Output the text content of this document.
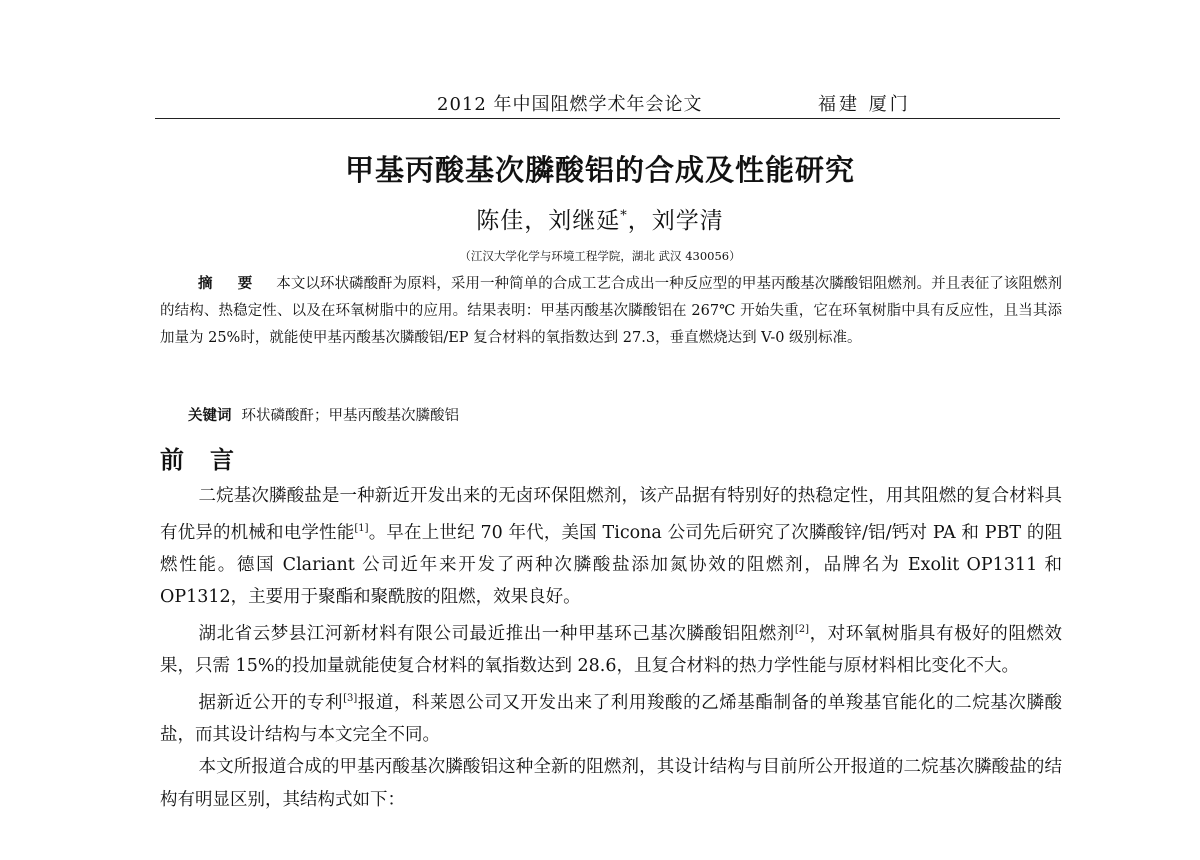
2012 年中国阻燃学术年会论文	福建 厦门
甲基丙酸基次膦酸铝的合成及性能研究
陈佳，刘继延*，刘学清
（江汉大学化学与环境工程学院，湖北 武汉 430056）
摘 要 本文以环状磷酸酐为原料，采用一种简单的合成工艺合成出一种反应型的甲基丙酸基次膦酸铝阻燃剂。并且表征了该阻燃剂的结构、热稳定性、以及在环氧树脂中的应用。结果表明：甲基丙酸基次膦酸铝在 267℃ 开始失重，它在环氧树脂中具有反应性，且当其添加量为 25%时，就能使甲基丙酸基次膦酸铝/EP 复合材料的氧指数达到 27.3，垂直燃烧达到 V-0 级别标准。
关键词 环状磷酸酐；甲基丙酸基次膦酸铝
前言

二烷基次膦酸盐是一种新近开发出来的无卤环保阻燃剂，该产品据有特别好的热稳定性，用其阻燃的复合材料具有优异的机械和电学性能[1]。早在上世纪 70 年代，美国 Ticona 公司先后研究了次膦酸锌/铝/钙对 PA 和 PBT 的阻燃性能。德国 Clariant 公司近年来开发了两种次膦酸盐添加氮协效的阻燃剂，品牌名为 Exolit OP1311 和 OP1312，主要用于聚酯和聚酰胺的阻燃，效果良好。

湖北省云梦县江河新材料有限公司最近推出一种甲基环己基次膦酸铝阻燃剂[2]，对环氧树脂具有极好的阻燃效果，只需 15%的投加量就能使复合材料的氧指数达到 28.6，且复合材料的热力学性能与原材料相比变化不大。

据新近公开的专利[3]报道，科莱恩公司又开发出来了利用羧酸的乙烯基酯制备的单羧基官能化的二烷基次膦酸盐，而其设计结构与本文完全不同。

本文所报道合成的甲基丙酸基次膦酸铝这种全新的阻燃剂，其设计结构与目前所公开报道的二烷基次膦酸盐的结构有明显区别，其结构式如下：
